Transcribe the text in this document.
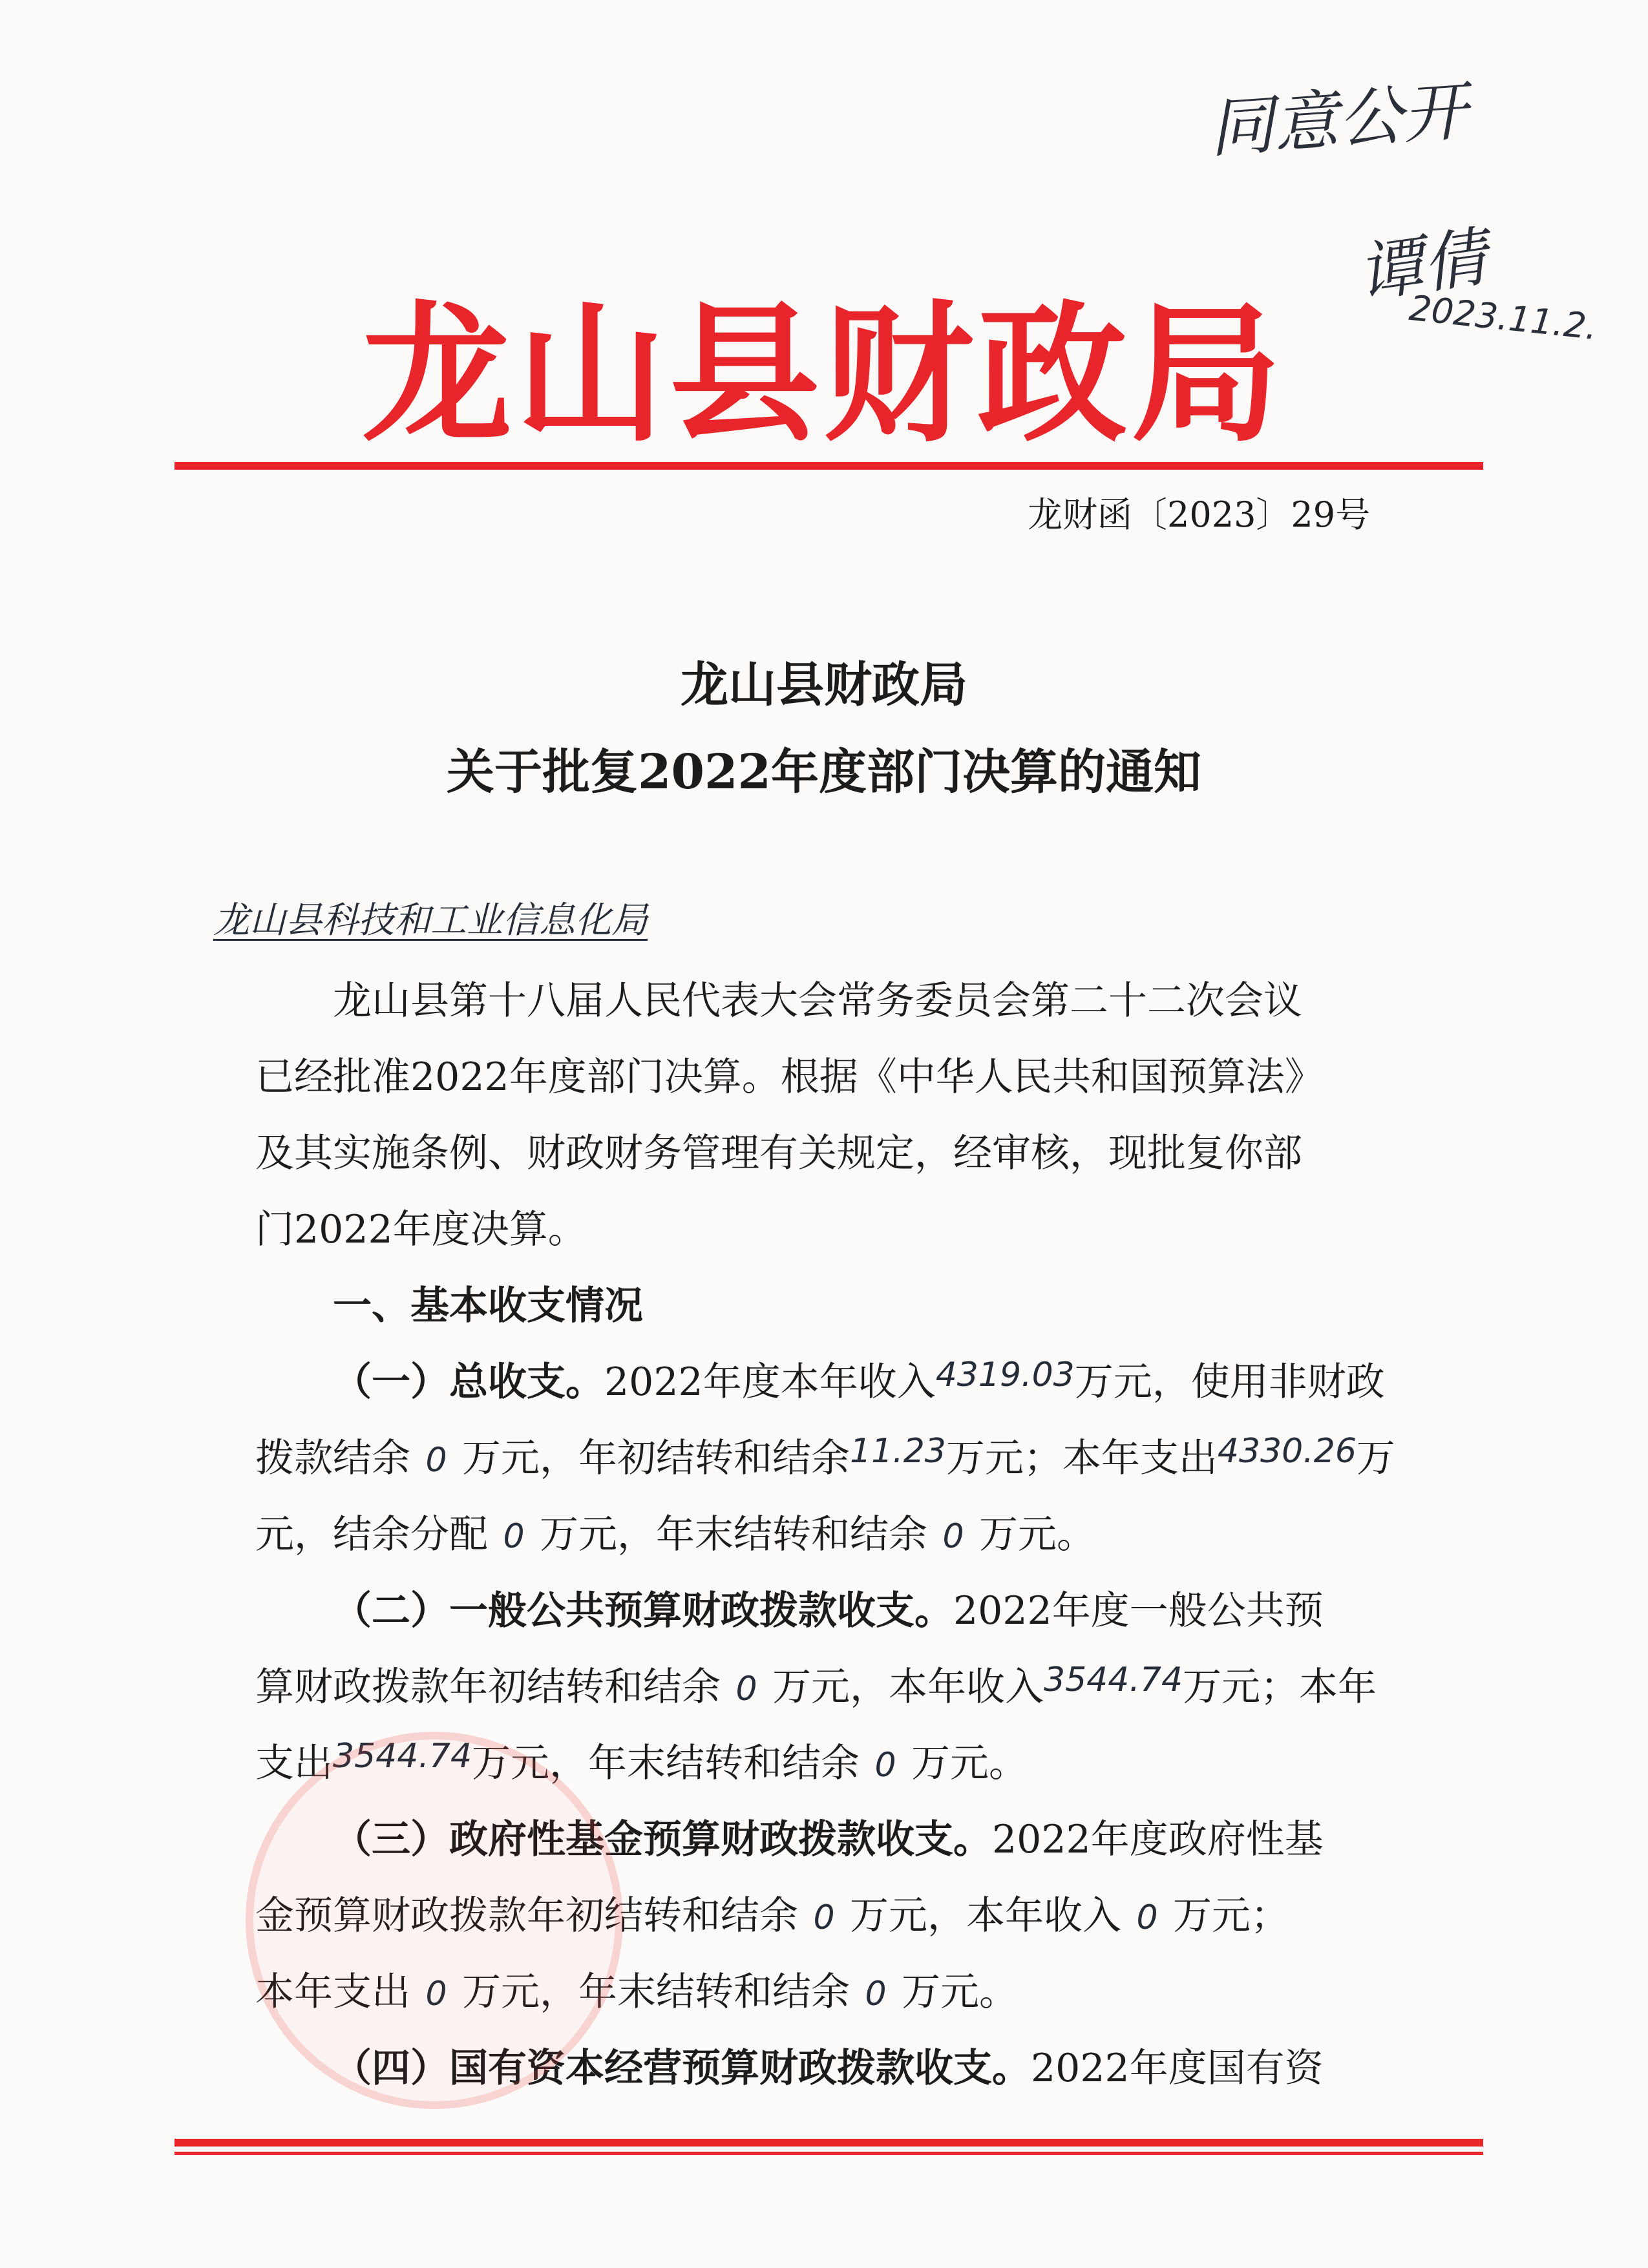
同意公开
谭倩
2023.11.2.
龙山县财政局
龙财函〔2023〕29号
龙山县财政局
关于批复2022年度部门决算的通知
龙山县科技和工业信息化局
龙山县第十八届人民代表大会常务委员会第二十二次会议
已经批准2022年度部门决算。根据《中华人民共和国预算法》
及其实施条例、财政财务管理有关规定，经审核，现批复你部
门2022年度决算。
一、基本收支情况
（一）总收支。2022年度本年收入4319.03万元，使用非财政
拨款结余 0 万元，年初结转和结余11.23万元；本年支出4330.26万
元，结余分配 0 万元，年末结转和结余 0 万元。
（二）一般公共预算财政拨款收支。2022年度一般公共预
算财政拨款年初结转和结余 0 万元，本年收入3544.74万元；本年
支出3544.74万元，年末结转和结余 0 万元。
（三）政府性基金预算财政拨款收支。2022年度政府性基
金预算财政拨款年初结转和结余 0 万元，本年收入 0 万元；
本年支出 0 万元，年末结转和结余 0 万元。
（四）国有资本经营预算财政拨款收支。2022年度国有资
